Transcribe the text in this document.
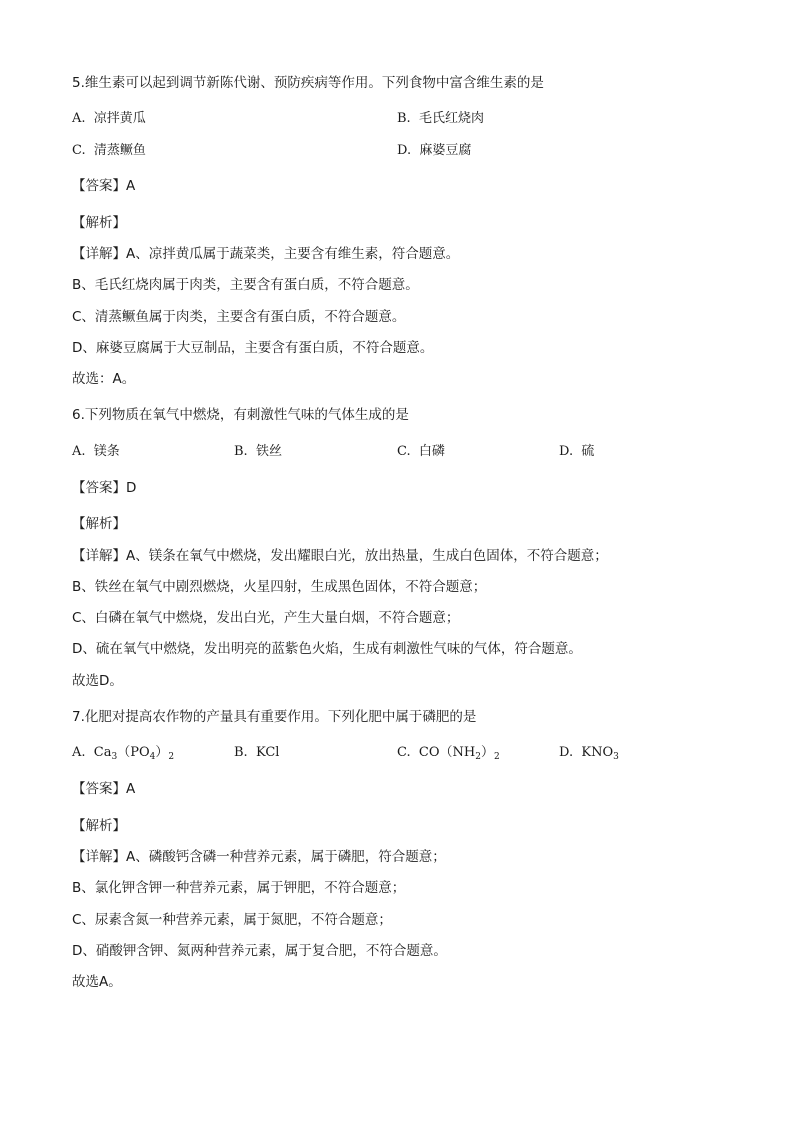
5.维生素可以起到调节新陈代谢、预防疾病等作用。下列食物中富含维生素的是
A. 凉拌黄瓜	B. 毛氏红烧肉
C. 清蒸鳜鱼	D. 麻婆豆腐
【答案】A
【解析】
【详解】A、凉拌黄瓜属于蔬菜类，主要含有维生素，符合题意。
B、毛氏红烧肉属于肉类，主要含有蛋白质，不符合题意。
C、清蒸鳜鱼属于肉类，主要含有蛋白质，不符合题意。
D、麻婆豆腐属于大豆制品，主要含有蛋白质，不符合题意。
故选：A。
6.下列物质在氧气中燃烧，有刺激性气味的气体生成的是
A. 镁条	B. 铁丝	C. 白磷	D. 硫
【答案】D
【解析】
【详解】A、镁条在氧气中燃烧，发出耀眼白光，放出热量，生成白色固体，不符合题意；
B、铁丝在氧气中剧烈燃烧，火星四射，生成黑色固体，不符合题意；
C、白磷在氧气中燃烧，发出白光，产生大量白烟，不符合题意；
D、硫在氧气中燃烧，发出明亮的蓝紫色火焰，生成有刺激性气味的气体，符合题意。
故选D。
7.化肥对提高农作物的产量具有重要作用。下列化肥中属于磷肥的是
A. $Ca_3(PO_4)_2$	B. KCl	C. $CO(NH_2)_2$	D. $KNO_3$
【答案】A
【解析】
【详解】A、磷酸钙含磷一种营养元素，属于磷肥，符合题意；
B、氯化钾含钾一种营养元素，属于钾肥，不符合题意；
C、尿素含氮一种营养元素，属于氮肥，不符合题意；
D、硝酸钾含钾、氮两种营养元素，属于复合肥，不符合题意。
故选A。
